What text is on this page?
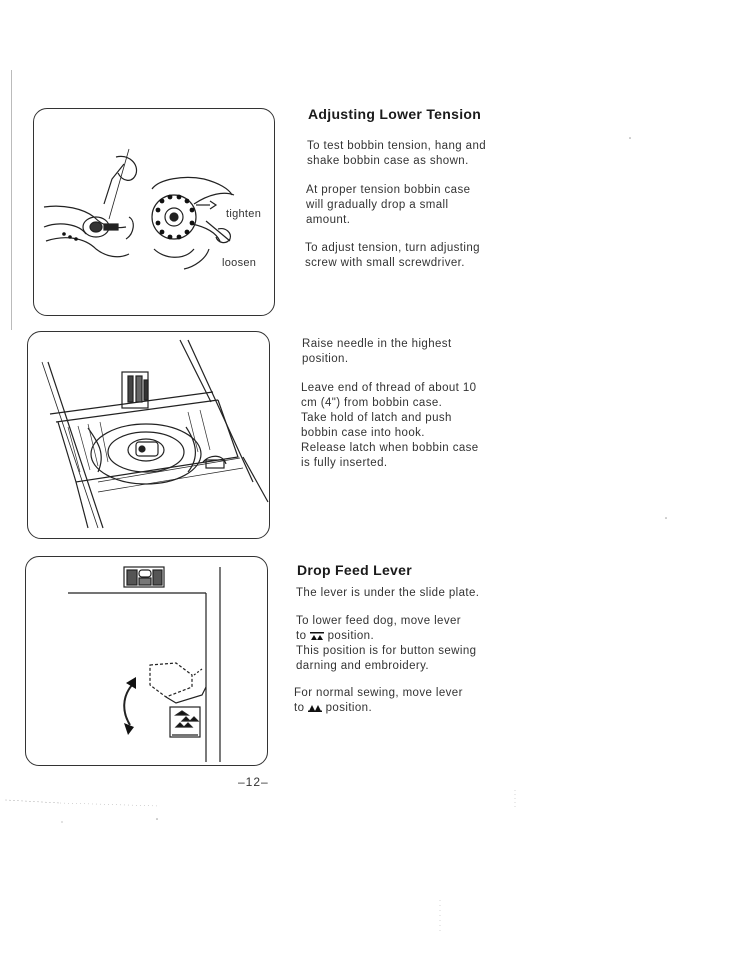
tighten
loosen
Adjusting Lower Tension

To test bobbin tension, hang and
shake bobbin case as shown.

At proper tension bobbin case
will gradually drop a small
amount.

To adjust tension, turn adjusting
screw with small screwdriver.

Raise needle in the highest
position.

Leave end of thread of about 10
cm (4") from bobbin case.
Take hold of latch and push
bobbin case into hook.
Release latch when bobbin case
is fully inserted.

Drop Feed Lever

The lever is under the slide plate.

To lower feed dog, move lever
to position.
This position is for button sewing
darning and embroidery.

For normal sewing, move lever
to position.

–12–
